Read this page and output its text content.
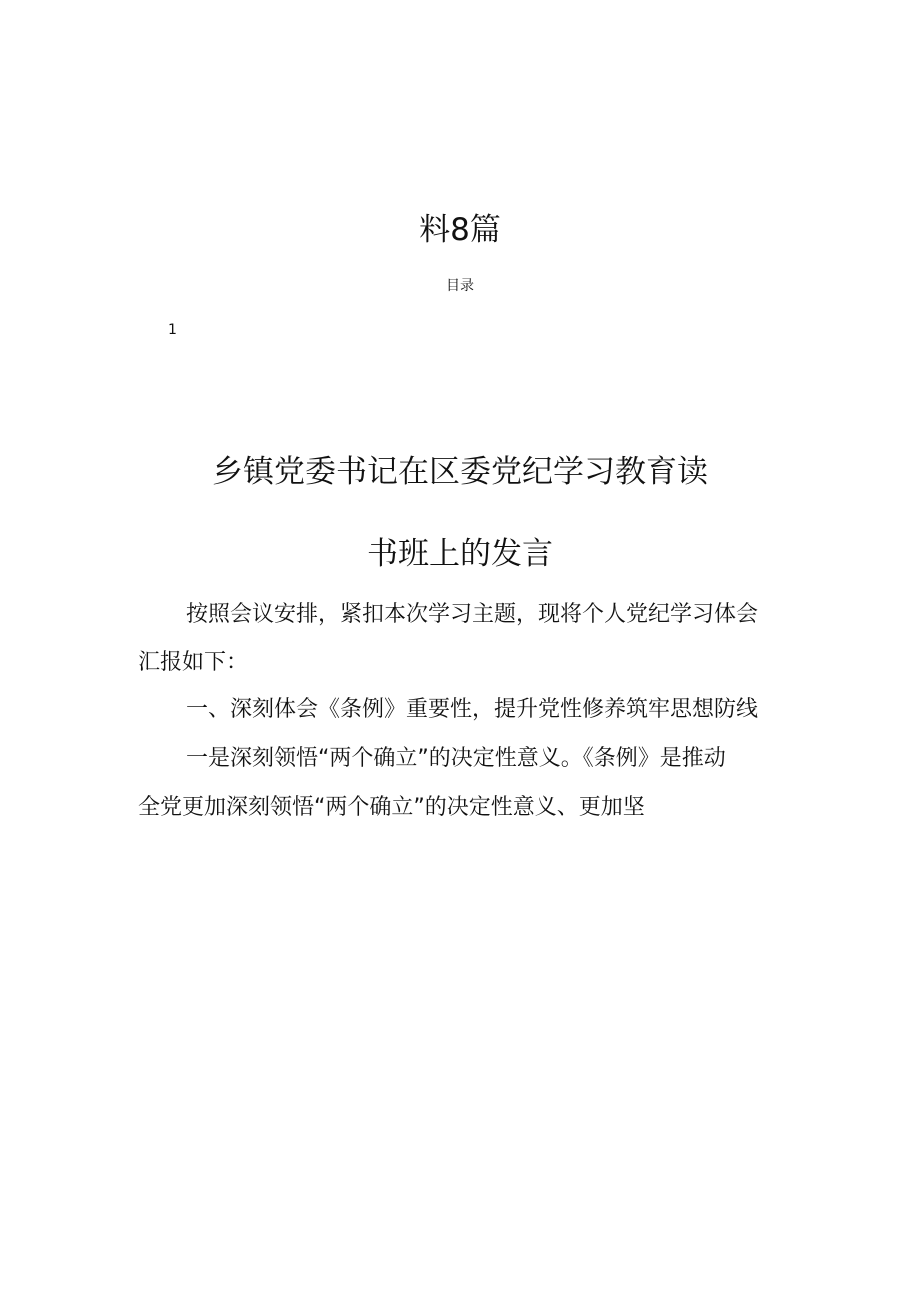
料8篇
目录
1
乡镇党委书记在区委党纪学习教育读
书班上的发言
按照会议安排，紧扣本次学习主题，现将个人党纪学习体会
汇报如下：
一、深刻体会《条例》重要性，提升党性修养筑牢思想防线
一是深刻领悟“两个确立”的决定性意义。《条例》是推动
全党更加深刻领悟“两个确立”的决定性意义、更加坚
